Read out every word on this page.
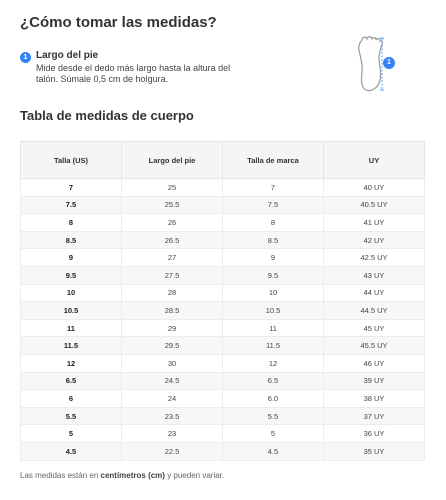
¿Cómo tomar las medidas?
1 Largo del pie
Mide desde el dedo más largo hasta la altura del talón. Súmale 0,5 cm de holgura.
1
Tabla de medidas de cuerpo
Talla (US)	Largo del pie	Talla de marca	UY
7	25	7	40 UY
7.5	25.5	7.5	40.5 UY
8	26	8	41 UY
8.5	26.5	8.5	42 UY
9	27	9	42.5 UY
9.5	27.5	9.5	43 UY
10	28	10	44 UY
10.5	28.5	10.5	44.5 UY
11	29	11	45 UY
11.5	29.5	11.5	45.5 UY
12	30	12	46 UY
6.5	24.5	6.5	39 UY
6	24	6.0	38 UY
5.5	23.5	5.5	37 UY
5	23	5	36 UY
4.5	22.5	4.5	35 UY
Las medidas están en centímetros (cm) y pueden variar.
